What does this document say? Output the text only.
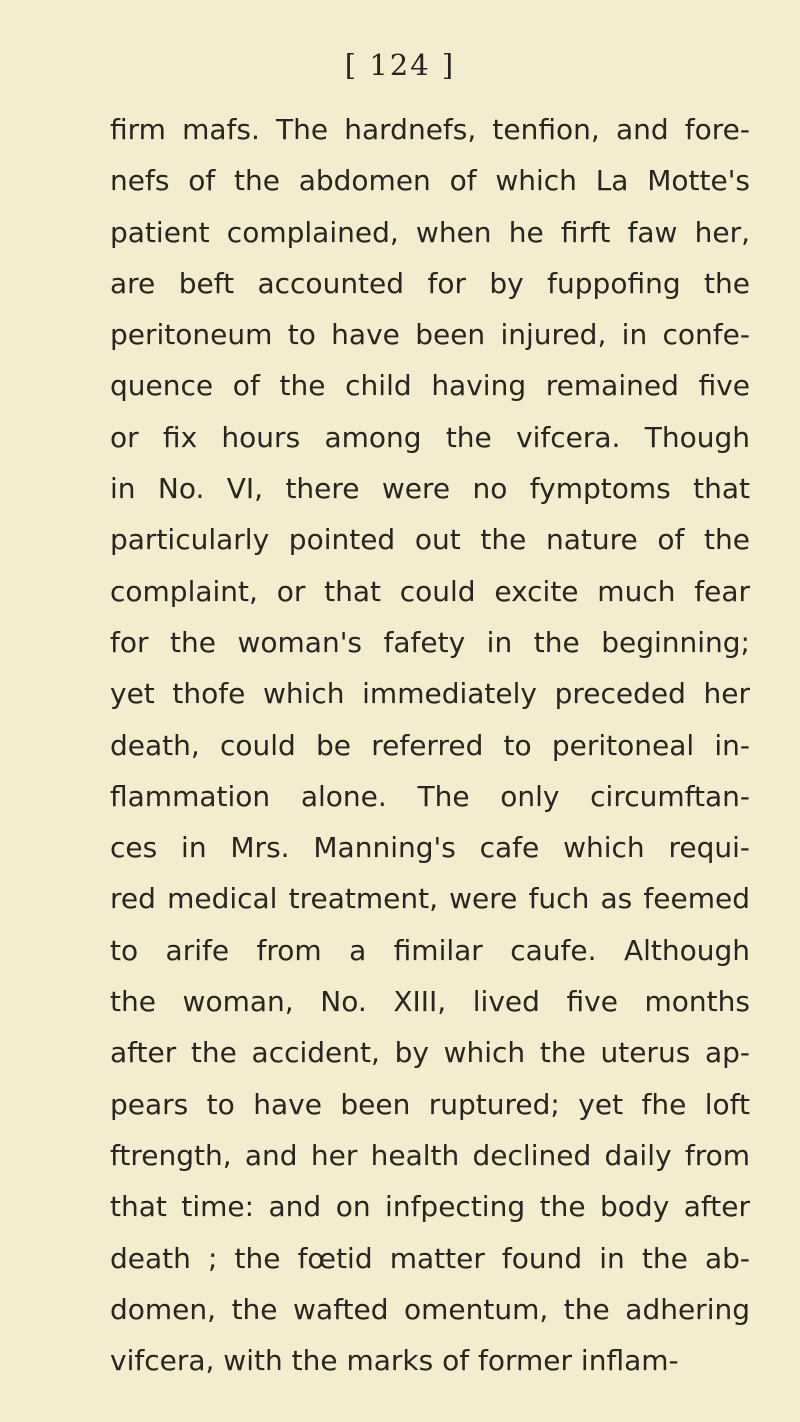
[ 124 ]
firm mafs. The hardnefs, tenfion, and fore-
nefs of the abdomen of which La Motte's
patient complained, when he firft faw her,
are beft accounted for by fuppofing the
peritoneum to have been injured, in confe-
quence of the child having remained five
or fix hours among the vifcera. Though
in No. VI, there were no fymptoms that
particularly pointed out the nature of the
complaint, or that could excite much fear
for the woman's fafety in the beginning;
yet thofe which immediately preceded her
death, could be referred to peritoneal in-
flammation alone. The only circumftan-
ces in Mrs. Manning's cafe which requi-
red medical treatment, were fuch as feemed
to arife from a fimilar caufe. Although
the woman, No. XIII, lived five months
after the accident, by which the uterus ap-
pears to have been ruptured; yet fhe loft
ftrength, and her health declined daily from
that time: and on infpecting the body after
death ; the fœtid matter found in the ab-
domen, the wafted omentum, the adhering
vifcera, with the marks of former inflam-
